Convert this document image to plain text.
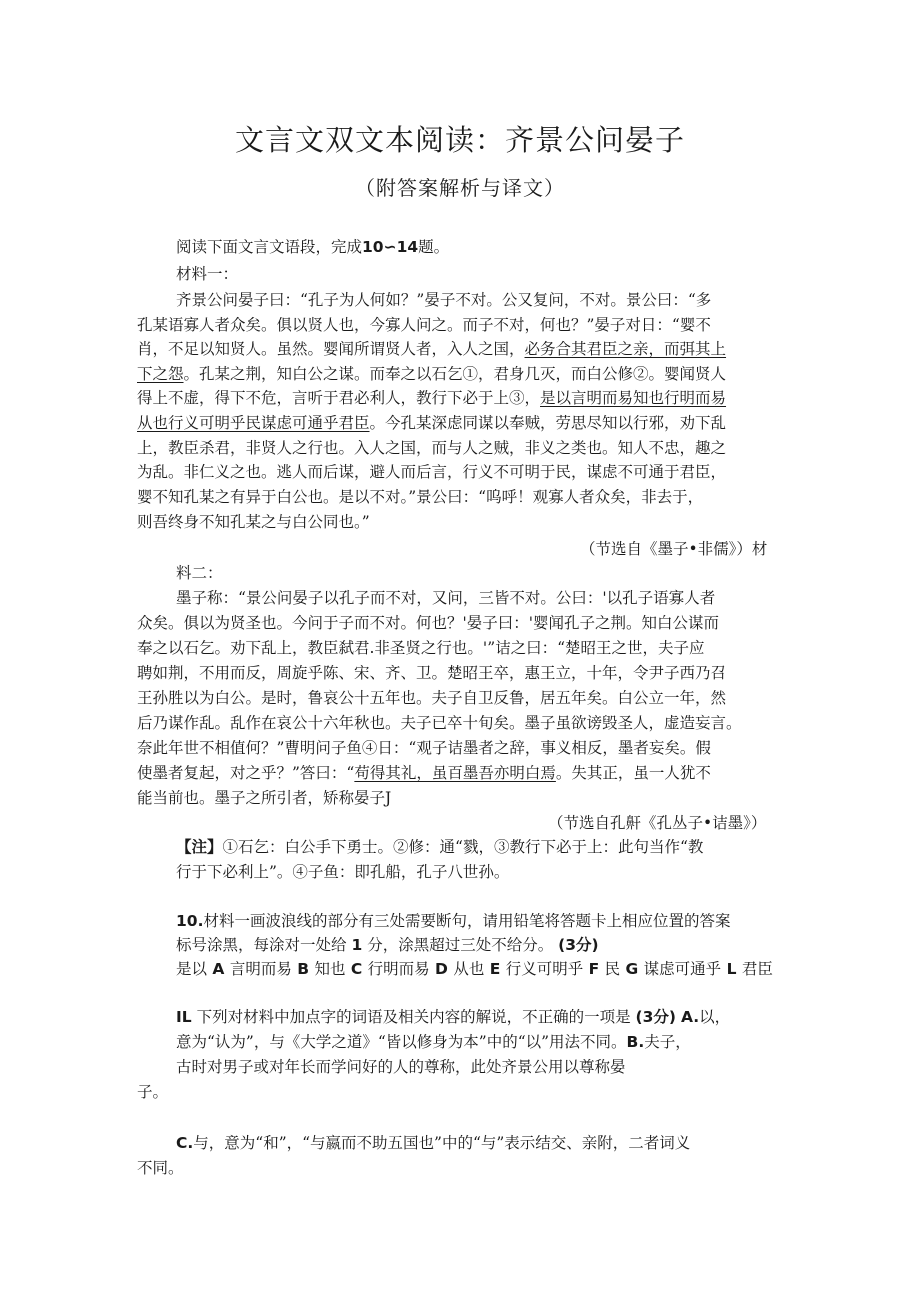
文言文双文本阅读：齐景公问晏子
（附答案解析与译文）
阅读下面文言文语段，完成10∽14题。
材料一：
齐景公问晏子曰：“孔子为人何如？”晏子不对。公又复问，不对。景公曰：“多
孔某语寡人者众矣。俱以贤人也，今寡人问之。而子不对，何也？”晏子对日：“婴不
肖，不足以知贤人。虽然。婴闻所谓贤人者，入人之国，必务合其君臣之亲，而弭其上
下之怨。孔某之荆，知白公之谋。而奉之以石乞①，君身几灭，而白公修②。婴闻贤人
得上不虚，得下不危，言听于君必利人，教行下必于上③，是以言明而易知也行明而易
从也行义可明乎民谋虑可通乎君臣。今孔某深虑同谋以奉贼，劳思尽知以行邪，劝下乱
上，教臣杀君，非贤人之行也。入人之国，而与人之贼，非义之类也。知人不忠，趣之
为乱。非仁义之也。逃人而后谋，避人而后言，行义不可明于民，谋虑不可通于君臣，
婴不知孔某之有异于白公也。是以不对。”景公曰：“呜呼！观寡人者众矣，非去于，
则吾终身不知孔某之与白公同也。”
（节选自《墨子•非儒》）材
料二：
墨子称：“景公问晏子以孔子而不对，又问，三皆不对。公曰：'以孔子语寡人者
众矣。俱以为贤圣也。今问于子而不对。何也？'晏子曰：'婴闻孔子之荆。知白公谋而
奉之以石乞。劝下乱上，教臣弑君.非圣贤之行也。'”诘之曰：“楚昭王之世，夫子应
聘如荆，不用而反，周旋乎陈、宋、齐、卫。楚昭王卒，惠王立，十年，令尹子西乃召
王孙胜以为白公。是时，鲁哀公十五年也。夫子自卫反鲁，居五年矣。白公立一年，然
后乃谋作乱。乱作在哀公十六年秋也。夫子已卒十旬矣。墨子虽欲谤毁圣人，虚造妄言。
奈此年世不相值何？”曹明问子鱼④日：“观子诘墨者之辞，事义相反，墨者妄矣。假
使墨者复起，对之乎？”答曰：“苟得其礼，虽百墨吾亦明白焉。失其正，虽一人犹不
能当前也。墨子之所引者，矫称晏子J
（节选自孔鼾《孔丛子•诘墨》）
【注】①石乞：白公手下勇士。②修：通“戮，③教行下必于上：此句当作“教
行于下必利上”。④子鱼：即孔船，孔子八世孙。
10.材料一画波浪线的部分有三处需要断句，请用铅笔将答题卡上相应位置的答案
标号涂黑，每涂对一处给 1 分，涂黑超过三处不给分。 (3分)
是以 A 言明而易 B 知也 C 行明而易 D 从也 E 行义可明乎 F 民 G 谋虑可通乎 L 君臣
IL 下列对材料中加点字的词语及相关内容的解说，不正确的一项是 (3分) A.以，
意为“认为”，与《大学之道》“皆以修身为本”中的“以”用法不同。B.夫子，
古时对男子或对年长而学问好的人的尊称，此处齐景公用以尊称晏
子。
C.与，意为“和”，“与嬴而不助五国也”中的“与”表示结交、亲附，二者词义
不同。
